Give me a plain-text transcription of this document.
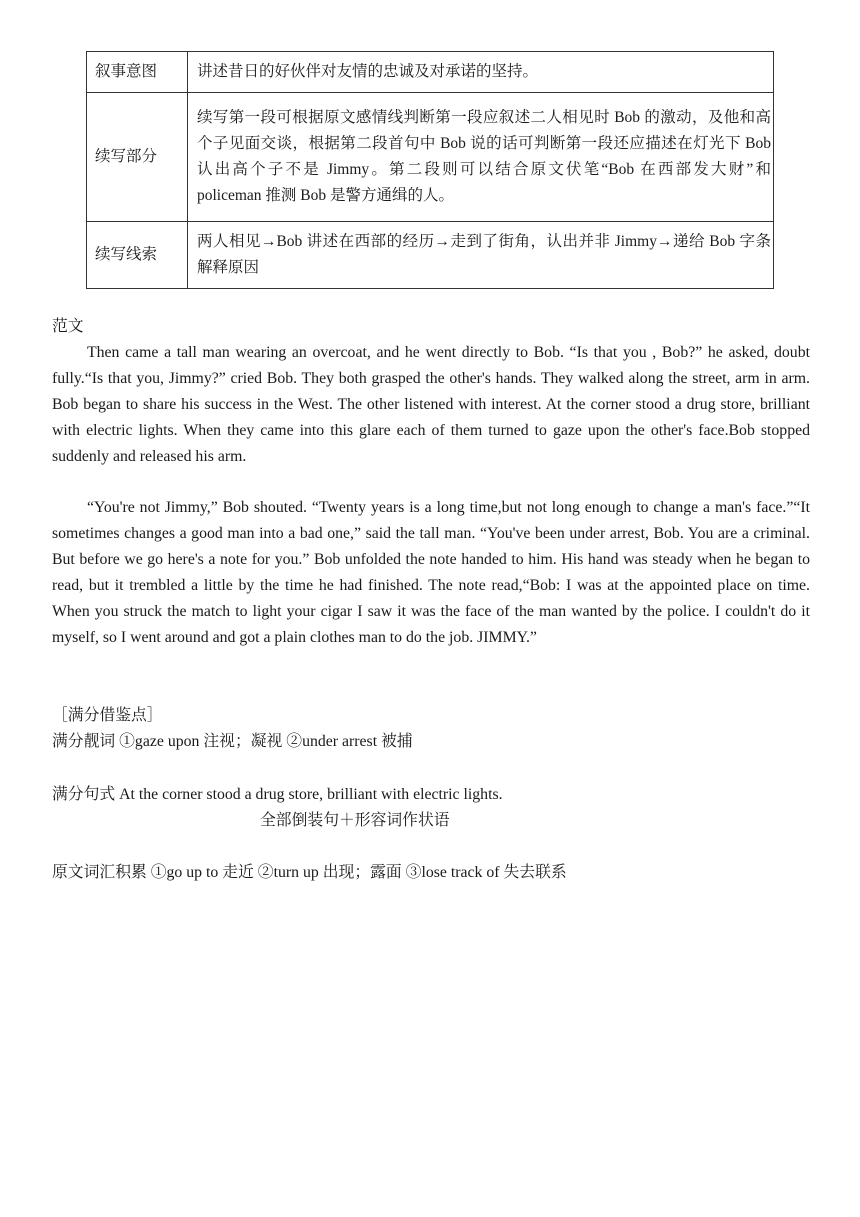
叙事意图	讲述昔日的好伙伴对友情的忠诚及对承诺的坚持。
续写部分	续写第一段可根据原文感情线判断第一段应叙述二人相见时 Bob 的激动，及他和高个子见面交谈，根据第二段首句中 Bob 说的话可判断第一段还应描述在灯光下 Bob 认出高个子不是 Jimmy。第二段则可以结合原文伏笔“Bob 在西部发大财”和 policeman 推测 Bob 是警方通缉的人。
续写线索	两人相见→Bob 讲述在西部的经历→走到了街角，认出并非 Jimmy→递给 Bob 字条解释原因

范文

Then came a tall man wearing an overcoat, and he went directly to Bob. “Is that you , Bob?” he asked, doubt fully.“Is that you, Jimmy?” cried Bob. They both grasped the other's hands. They walked along the street, arm in arm. Bob began to share his success in the West. The other listened with interest. At the corner stood a drug store, brilliant with electric lights. When they came into this glare each of them turned to gaze upon the other's face.Bob stopped suddenly and released his arm.

“You're not Jimmy,” Bob shouted. “Twenty years is a long time,but not long enough to change a man's face.”“It sometimes changes a good man into a bad one,” said the tall man. “You've been under arrest, Bob. You are a criminal. But before we go here's a note for you.” Bob unfolded the note handed to him. His hand was steady when he began to read, but it trembled a little by the time he had finished. The note read,“Bob: I was at the appointed place on time. When you struck the match to light your cigar I saw it was the face of the man wanted by the police. I couldn't do it myself, so I went around and got a plain clothes man to do the job. JIMMY.”

［满分借鉴点］

满分靓词 ①gaze upon 注视；凝视 ②under arrest 被捕

满分句式 At the corner stood a drug store, brilliant with electric lights.

全部倒装句＋形容词作状语

原文词汇积累 ①go up to 走近 ②turn up 出现；露面 ③lose track of 失去联系
